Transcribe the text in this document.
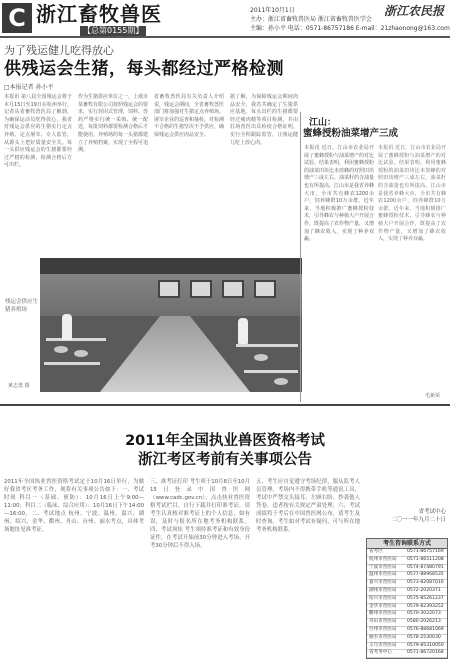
C 浙江畜牧兽医
【总第0155期】
2011年10月1日
主办：浙江省畜牧兽医局 浙江省畜牧兽医学会
主编：孙小平 电话：0571-86757186 E-mail：21zhaonong@163.com
浙江农民报
为了残运健儿吃得放心
供残运会生猪，每头都经过严格检测
□本报记者 孙小平
本报讯 第八届全国残运会将于本月15日至19日在杭州举行。记者从省畜牧兽医局了解到，为确保运动员吃得放心，我省对残运会供应的生猪实行定点养殖、定点屠宰、专人监管，从源头上把好质量安全关。每一头供应残运会的生猪都要经过严格的检测，检测合格后方可出栏。
作为生猪供应单位之一，上虞市某畜牧有限公司按照残运会的要求，实行封闭式管理，饲料、兽药严格实行统一采购、统一配送，每批饲料都要检测合格后才能使用。养殖场的每一头猪都建立了养殖档案，实现了全程可追溯。
省畜牧兽医局有关负责人介绍说，残运会期间，全省畜牧兽医部门将加强对生猪定点养殖场、屠宰企业的巡查和抽检，对检测不合格的生猪坚决不予供应，确保残运会供应肉品安全。
据了解，为保障残运会期间肉品安全，我省共确定了生猪供应基地，每头出栏的生猪都要经过瘦肉精等项目检测，并由驻场兽医出具检疫合格证明，实行全程跟踪监管，让残运健儿吃上放心肉。
残运会供应生猪养殖场
黄志勇 摄
江山：
蜜蜂授粉油菜增产三成
本报讯 近日，江山市农业局开展了蜜蜂授粉与油菜增产的对比试验。结果表明，利用蜜蜂授粉的油菜田块比未放蜂的对照田块增产三成左右，油菜籽的含油量也有所提高。江山市是我省养蜂大市，全市共有蜂农1200余户，饲养蜂群10万余群。近年来，当地积极推广蜜蜂授粉技术，引导蜂农与种植大户开展合作，既提高了农作物产量，又增加了蜂农收入，实现了种养双赢。
本报讯 近日，江山市农业局开展了蜜蜂授粉与油菜增产的对比试验。结果表明，利用蜜蜂授粉的油菜田块比未放蜂的对照田块增产三成左右，油菜籽的含油量也有所提高。江山市是我省养蜂大市，全市共有蜂农1200余户，饲养蜂群10万余群。近年来，当地积极推广蜜蜂授粉技术，引导蜂农与种植大户开展合作，既提高了农作物产量，又增加了蜂农收入，实现了种养双赢。
毛新荣
2011年全国执业兽医资格考试
浙江考区考前有关事项公告
2011年全国执业兽医资格考试定于10月16日举行，为做好我省考区考务工作，现将有关事项公告如下：一、考试时间 科目一（基础、预防）：10月16日上午9:00—11:00；科目二（临床、综合应用）：10月16日下午14:00—16:00。二、考试地点 杭州、宁波、温州、嘉兴、湖州、绍兴、金华、衢州、舟山、台州、丽水考点，具体考场地址见准考证。
三、准考证打印 考生须于10月8日至10月15日登录中国兽医网（www.cadc.gov.cn），点击执业兽医资格考试栏目，自行下载并打印准考证。请考生认真核对准考证上的个人信息，如有误，及时与报名所在地考务机构联系。四、考试须知 考生须持准考证和有效身份证件，在考试开始前30分钟进入考场，开考30分钟后不得入场。
五、考生应自觉遵守考场纪律，服从监考人员管理。考场内不得携带手机等通讯工具，考试中严禁交头接耳、左顾右盼、抄袭他人答卷，违者按有关规定严肃处理。六、考试成绩将于考后在中国兽医网公布，请考生及时查询。考生如对考试有疑问，可与所在地考务机构联系。
省考试中心
二〇一一年九月二十日
考生咨询联系方式
省考区	0571-86757169
杭州市兽医局	0571-86511208
宁波市兽医局	0574-87480791
温州市兽医局	0577-88968535
嘉兴市兽医局	0573-82087016
湖州市兽医局	0572-2020371
绍兴市兽医局	0575-85261237
金华市兽医局	0579-82393252
衢州市兽医局	0570-3022073
舟山市兽医局	0580-2026213
台州市兽医局	0576-88681069
丽水市兽医局	0578-2530030
义乌市兽医局	0579-85310050
省考务中心	0571-86720168
